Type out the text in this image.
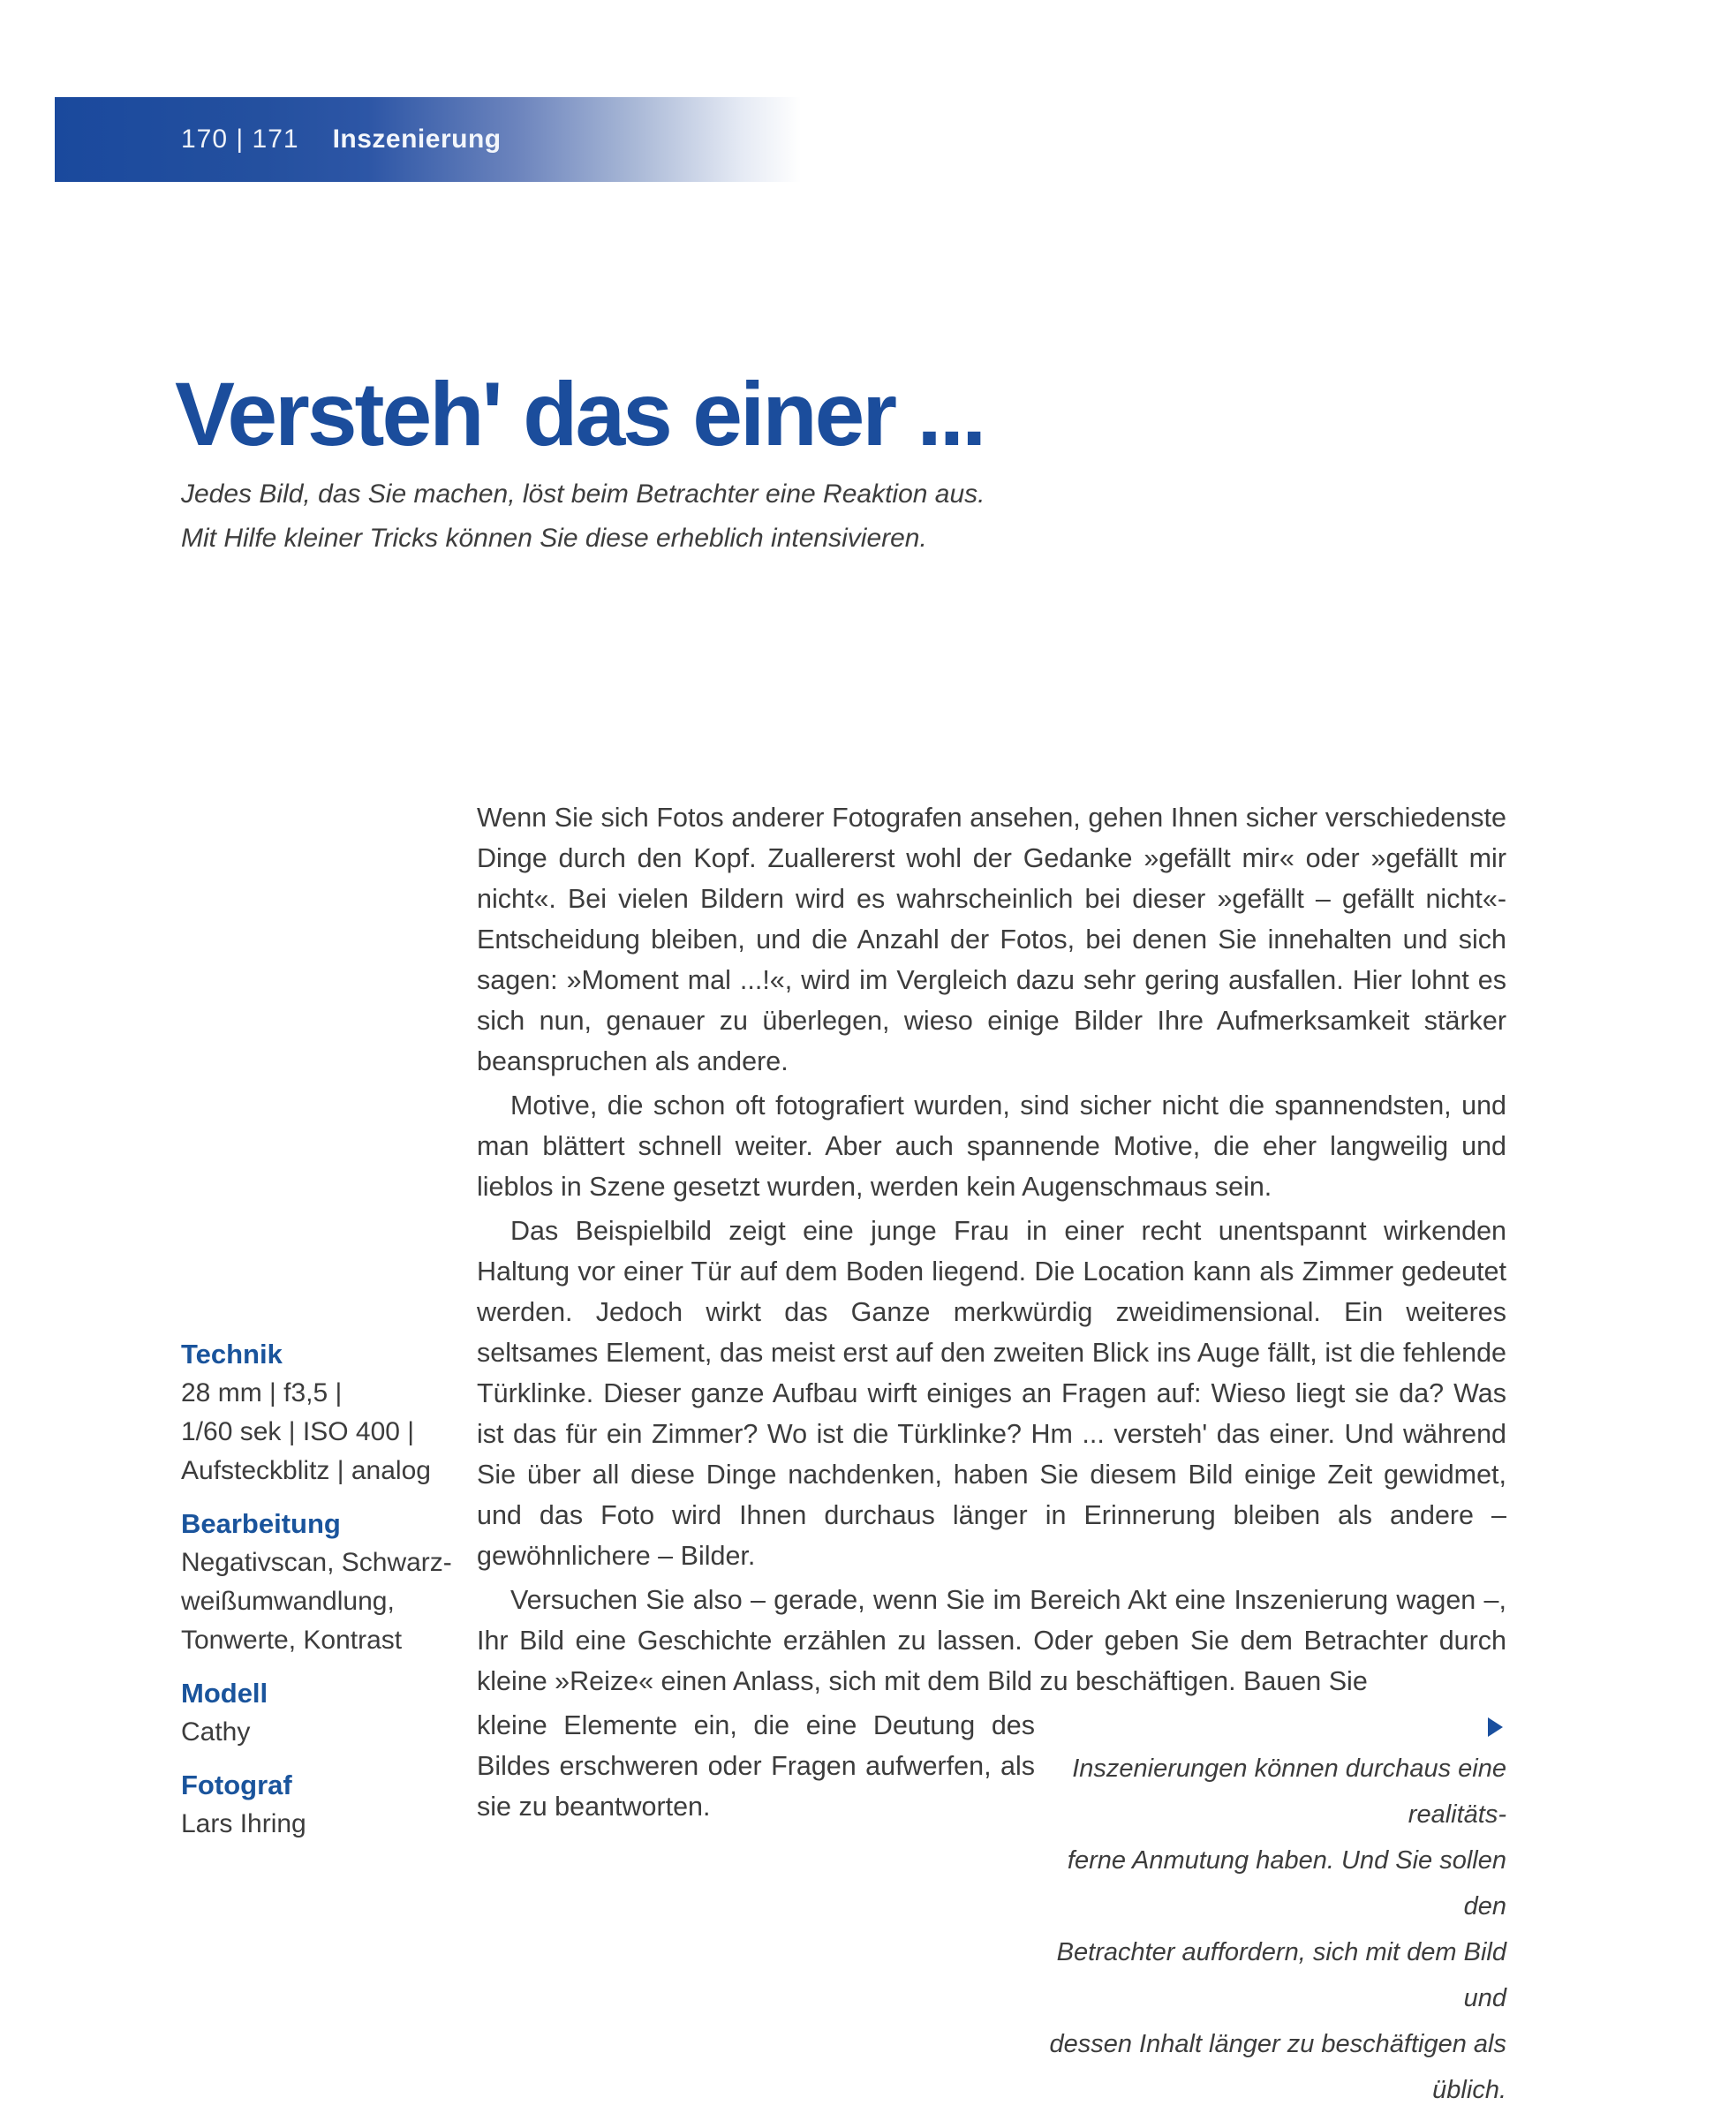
170 | 171 Inszenierung
Versteh' das einer ...
Jedes Bild, das Sie machen, löst beim Betrachter eine Reaktion aus.
Mit Hilfe kleiner Tricks können Sie diese erheblich intensivieren.
Technik
28 mm | f3,5 |
1/60 sek | ISO 400 |
Aufsteckblitz | analog
Bearbeitung
Negativscan, Schwarz-
weißumwandlung,
Tonwerte, Kontrast
Modell
Cathy
Fotograf
Lars Ihring

Wenn Sie sich Fotos anderer Fotografen ansehen, gehen Ihnen sicher verschiedenste Dinge durch den Kopf. Zuallererst wohl der Gedanke »gefällt mir« oder »gefällt mir nicht«. Bei vielen Bildern wird es wahrscheinlich bei dieser »gefällt – gefällt nicht«-Entscheidung bleiben, und die Anzahl der Fotos, bei denen Sie innehalten und sich sagen: »Moment mal ...!«, wird im Vergleich dazu sehr gering ausfallen. Hier lohnt es sich nun, genauer zu überlegen, wieso einige Bilder Ihre Aufmerksamkeit stärker beanspruchen als andere.

Motive, die schon oft fotografiert wurden, sind sicher nicht die spannendsten, und man blättert schnell weiter. Aber auch spannende Motive, die eher langweilig und lieblos in Szene gesetzt wurden, werden kein Augenschmaus sein.

Das Beispielbild zeigt eine junge Frau in einer recht unentspannt wirkenden Haltung vor einer Tür auf dem Boden liegend. Die Location kann als Zimmer gedeutet werden. Jedoch wirkt das Ganze merkwürdig zweidimensional. Ein weiteres seltsames Element, das meist erst auf den zweiten Blick ins Auge fällt, ist die fehlende Türklinke. Dieser ganze Aufbau wirft einiges an Fragen auf: Wieso liegt sie da? Was ist das für ein Zimmer? Wo ist die Türklinke? Hm ... versteh' das einer. Und während Sie über all diese Dinge nachdenken, haben Sie diesem Bild einige Zeit gewidmet, und das Foto wird Ihnen durchaus länger in Erinnerung bleiben als andere – gewöhnlichere – Bilder.

Versuchen Sie also – gerade, wenn Sie im Bereich Akt eine Inszenierung wagen –, Ihr Bild eine Geschichte erzählen zu lassen. Oder geben Sie dem Betrachter durch kleine »Reize« einen Anlass, sich mit dem Bild zu beschäftigen. Bauen Sie

kleine Elemente ein, die eine Deutung des Bildes erschweren oder Fragen aufwerfen, als sie zu beantworten.

Inszenierungen können durchaus eine realitäts-
ferne Anmutung haben. Und Sie sollen den
Betrachter auffordern, sich mit dem Bild und
dessen Inhalt länger zu beschäftigen als üblich.
